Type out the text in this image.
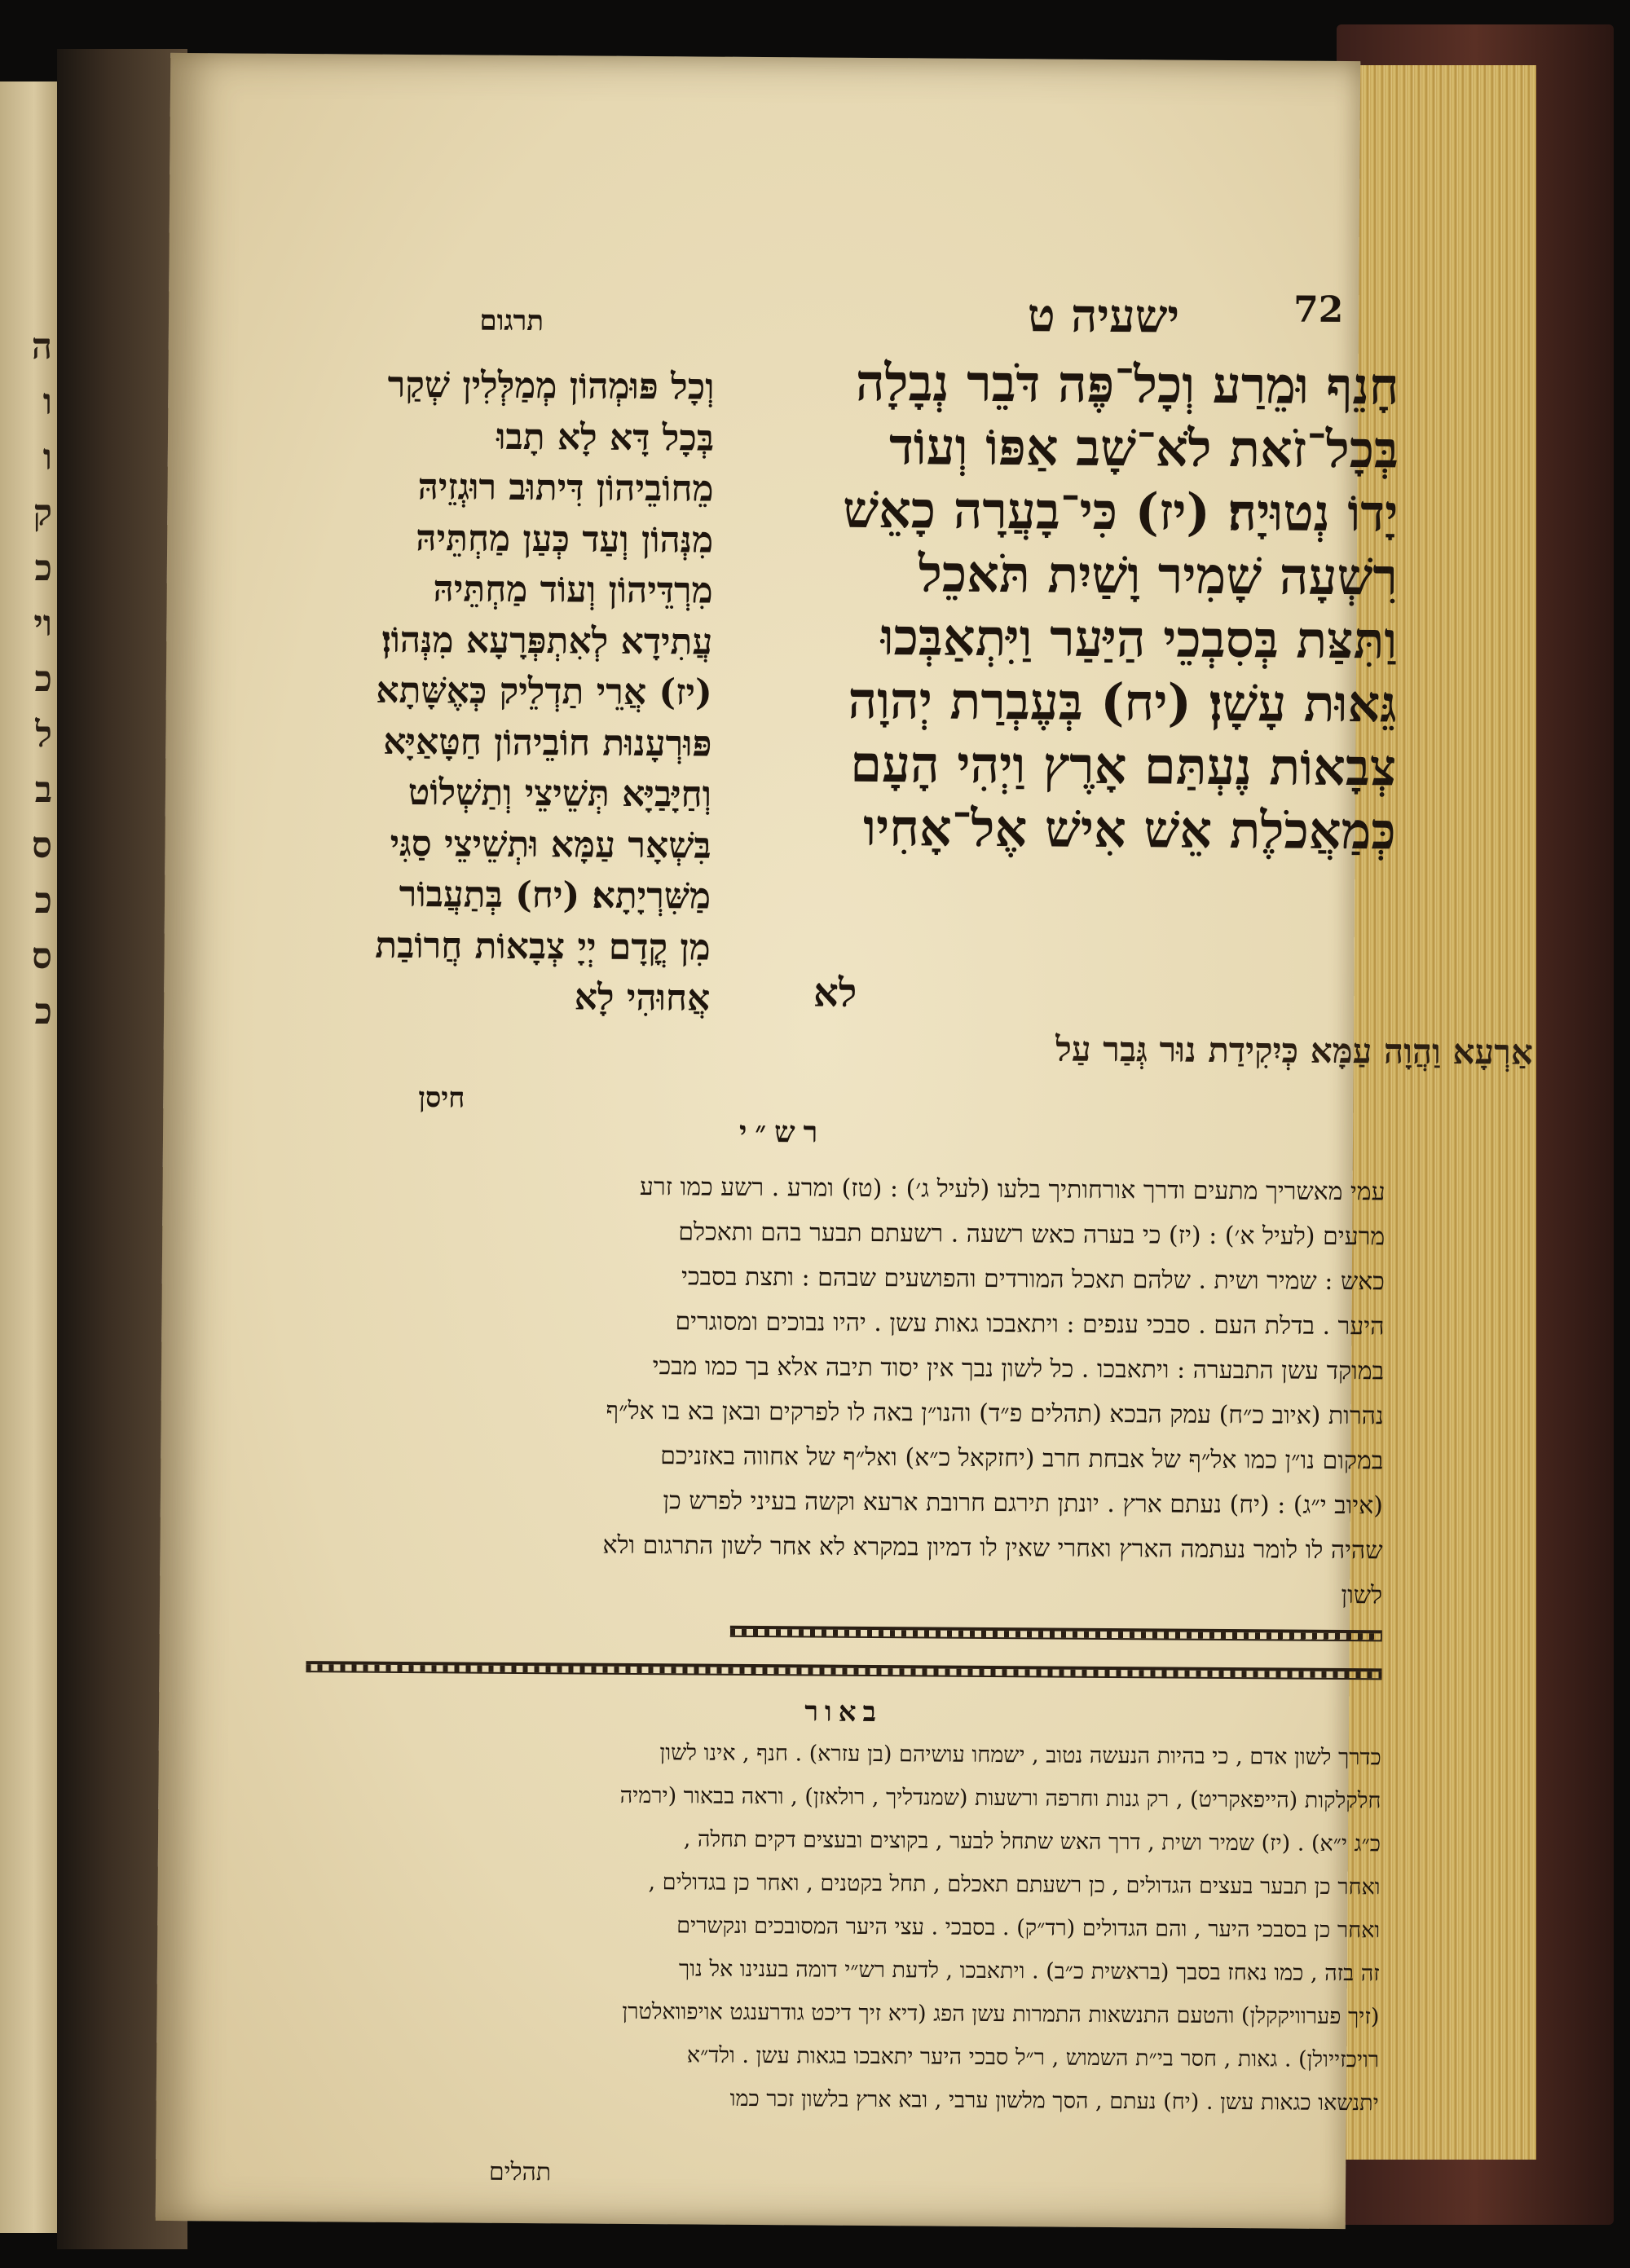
ה
ו
ו
ק
כ
וי
כ
ל
ב
ס
כ
ס
כ
72
ישעיה ט
תרגום
חָנֵף וּמֵרַע וְכָל־פֶּה דֹּבֵר נְבָלָה
בְּכָל־זֹאת לֹא־שָׁב אַפּוֹ וְעוֹד
יָדוֹ נְטוּיָה׃ (יז) כִּי־בָעֲרָה כָאֵשׁ
רִשְׁעָה שָׁמִיר וָשַׁיִת תֹּאכֵל
וַתִּצַּת בְּסִבְכֵי הַיַּעַר וַיִּתְאַבְּכוּ
גֵּאוּת עָשָׁן׃ (יח) בְּעֶבְרַת יְהוָה
צְבָאוֹת נֶעְתַּם אָרֶץ וַיְהִי הָעָם
כְּמַאֲכֹלֶת אֵשׁ אִישׁ אֶל־אָחִיו
לא
וְכָל פּוּמְהוֹן מְמַלְּלִין שְׁקַר
בְּכָל דָּא לָא תָבוּ
מֵחוֹבֵיהוֹן דִּיתוּב רוּגְזֵיהּ
מִנְּהוֹן וְעַד כְּעַן מַחְתֵּיהּ
מִרְדֵּיהוֹן וְעוֹד מַחְתֵּיהּ
עֲתִידָא לְאִתְפְּרָעָא מִנְּהוֹן׃
(יז) אֲרֵי תַדְלֵיק כְּאֶשָּׁתָא
פּוּרְעָנוּת חוֹבֵיהוֹן חַטָּאַיָּא
וְחַיָּבַיָּא תְּשֵׁיצֵי וְתַשְׁלוֹט
בִּשְׁאָר עַמָּא וּתְשֵׁיצֵי סַגִּי
מַשִּׁרְיָתָא׃ (יח) בְּתַעֲבוֹר
מִן קֳדָם יְיָ צְבָאוֹת חֲרוֹבַת
אֲחוּהִי לָא
חיסן
אַרְעָא וַהֲוָה עַמָּא כְּיִקִידַת נוּר גְּבַר עַל
רש״י
עמי מאשריך מתעים ודרך אורחותיך בלעו (לעיל ג׳) : (טז) ומרע . רשע כמו זרע
מרעים (לעיל א׳) : (יז) כי בערה כאש רשעה . רשעתם תבער בהם ותאכלם
כאש : שמיר ושית . שלהם תאכל המורדים והפושעים שבהם : ותצת בסבכי
היער . בדלת העם . סבכי ענפים : ויתאבכו גאות עשן . יהיו נבוכים ומסוגרים
במוקד עשן התבערה : ויתאבכו . כל לשון נבך אין יסוד תיבה אלא בך כמו מבכי
נהרות (איוב כ״ח) עמק הבכא (תהלים פ״ד) והנו״ן באה לו לפרקים ובאן בא בו אל״ף
במקום נו״ן כמו אל״ף של אבחת חרב (יחזקאל כ״א) ואל״ף של אחווה באזניכם
(איוב י״ג) : (יח) נעתם ארץ . יונתן תירגם חרובת ארעא וקשה בעיני לפרש כן
שהיה לו לומר נעתמה הארץ ואחרי שאין לו דמיון במקרא לא אחר לשון התרגום ולא
לשון
באור
כדרך לשון אדם , כי בהיות הנעשה נטוב , ישמחו עושיהם (בן עזרא) . חנף , אינו לשון
חלקלקות (הייפאקריט) , רק גנות וחרפה ורשעות (שמנדליך , רולאזן) , וראה בבאור (ירמיה
כ״ג י״א) . (יז) שמיר ושית , דרך האש שתחל לבער , בקוצים ובעצים דקים תחלה ,
ואחר כן תבער בעצים הגדולים , כן רשעתם תאכלם , תחל בקטנים , ואחר כן בגדולים ,
ואחר כן בסבכי היער , והם הגדולים (רד״ק) . בסבכי . עצי היער המסובכים ונקשרים
זה בזה , כמו נאחז בסבך (בראשית כ״ב) . ויתאבכו , לדעת רש״י דומה בענינו אל נוך
(זיך פערוויקקלן) והטעם התנשאות התמרות עשן הפג (דיא זיך דיכט גודרענגט אויפוואלטרן
רויכזייולן) . גאות , חסר בי״ת השמוש , ר״ל סבכי היער יתאבכו בגאות עשן . ולד״א
יתנשאו כגאות עשן . (יח) נעתם , הסך מלשון ערבי , ובא ארץ בלשון זכר כמו
תהלים
